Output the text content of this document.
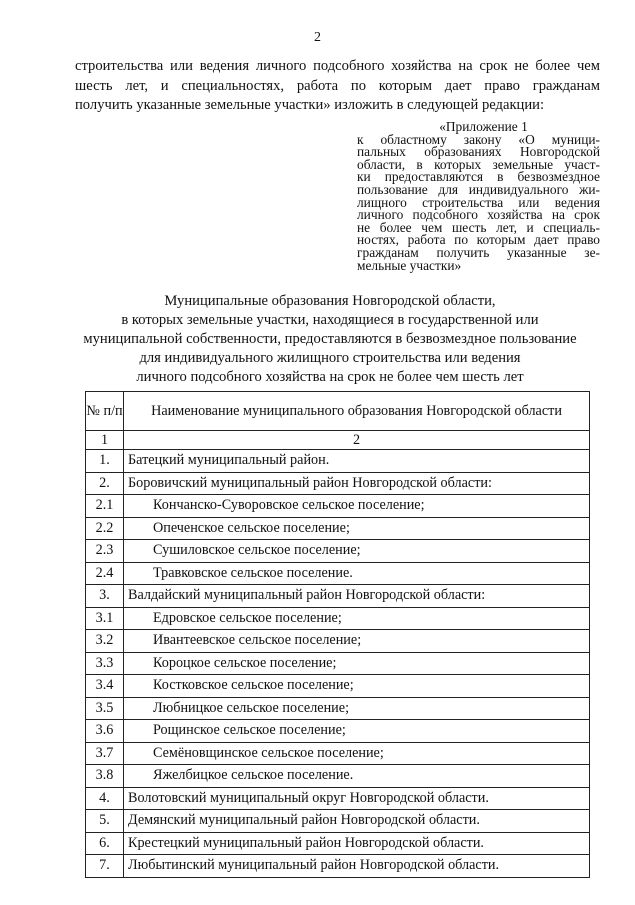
2
строительства или ведения личного подсобного хозяйства на срок не более чем
шесть лет, и специальностях, работа по которым дает право гражданам
получить указанные земельные участки» изложить в следующей редакции:
«Приложение 1
к областному закону «О муници-
пальных образованиях Новгородской
области, в которых земельные участ-
ки предоставляются в безвозмездное
пользование для индивидуального жи-
лищного строительства или ведения
личного подсобного хозяйства на срок
не более чем шесть лет, и специаль-
ностях, работа по которым дает право
гражданам получить указанные зе-
мельные участки»
Муниципальные образования Новгородской области,
в которых земельные участки, находящиеся в государственной или
муниципальной собственности, предоставляются в безвозмездное пользование
для индивидуального жилищного строительства или ведения
личного подсобного хозяйства на срок не более чем шесть лет
№ п/п	Наименование муниципального образования Новгородской области
1	2
1.	Батецкий муниципальный район.
2.	Боровичский муниципальный район Новгородской области:
2.1	Кончанско-Суворовское сельское поселение;
2.2	Опеченское сельское поселение;
2.3	Сушиловское сельское поселение;
2.4	Травковское сельское поселение.
3.	Валдайский муниципальный район Новгородской области:
3.1	Едровское сельское поселение;
3.2	Ивантеевское сельское поселение;
3.3	Короцкое сельское поселение;
3.4	Костковское сельское поселение;
3.5	Любницкое сельское поселение;
3.6	Рощинское сельское поселение;
3.7	Семёновщинское сельское поселение;
3.8	Яжелбицкое сельское поселение.
4.	Волотовский муниципальный округ Новгородской области.
5.	Демянский муниципальный район Новгородской области.
6.	Крестецкий муниципальный район Новгородской области.
7.	Любытинский муниципальный район Новгородской области.
